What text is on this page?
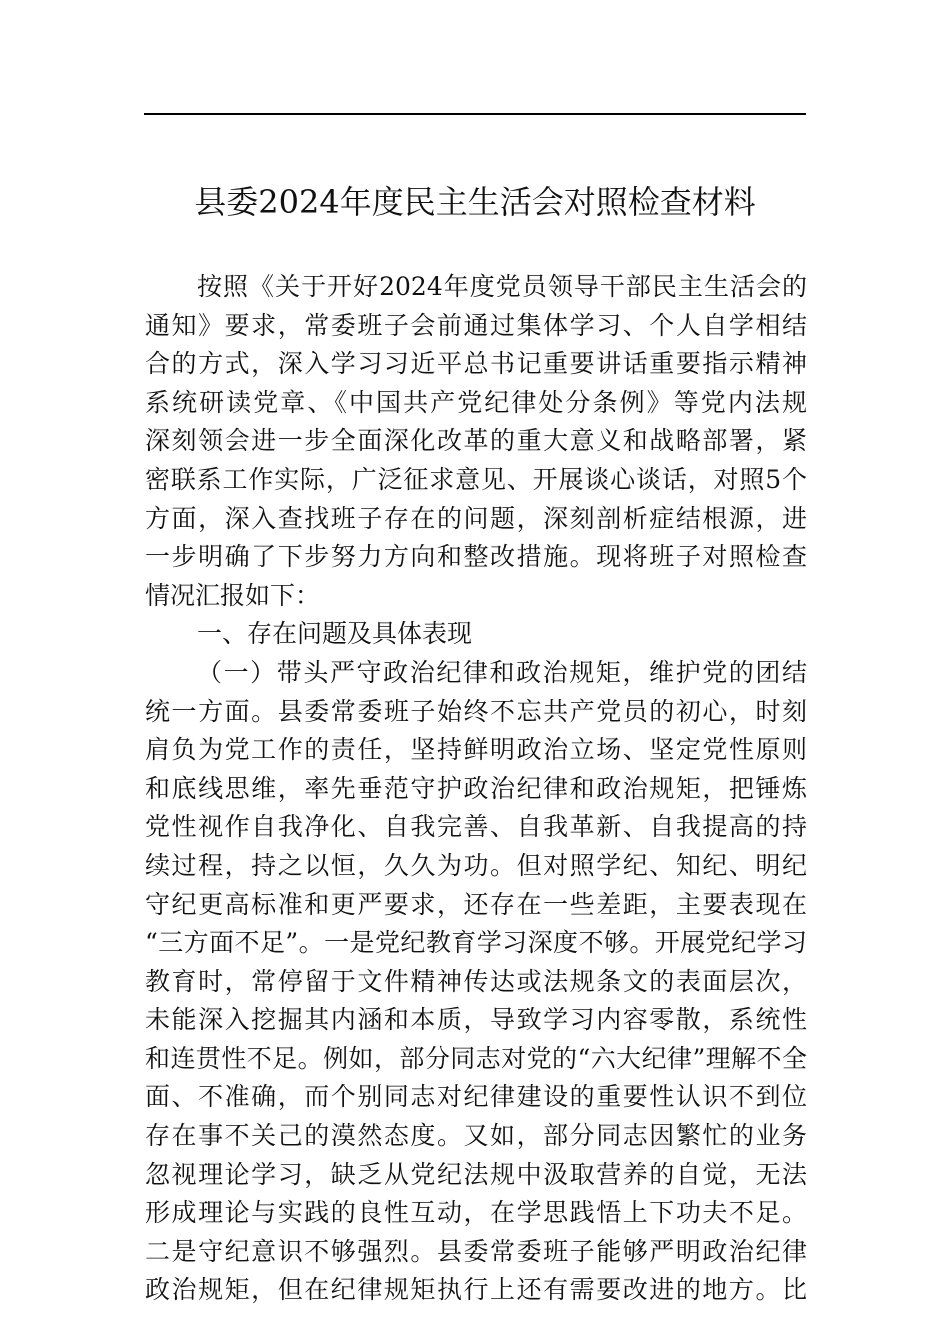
县委2024年度民主生活会对照检查材料
按照《关于开好2024年度党员领导干部民主生活会的
通知》要求，常委班子会前通过集体学习、个人自学相结
合的方式，深入学习习近平总书记重要讲话重要指示精神
系统研读党章、《中国共产党纪律处分条例》等党内法规
深刻领会进一步全面深化改革的重大意义和战略部署，紧
密联系工作实际，广泛征求意见、开展谈心谈话，对照5个
方面，深入查找班子存在的问题，深刻剖析症结根源，进
一步明确了下步努力方向和整改措施。现将班子对照检查
情况汇报如下：
一、存在问题及具体表现
（一）带头严守政治纪律和政治规矩，维护党的团结
统一方面。县委常委班子始终不忘共产党员的初心，时刻
肩负为党工作的责任，坚持鲜明政治立场、坚定党性原则
和底线思维，率先垂范守护政治纪律和政治规矩，把锤炼
党性视作自我净化、自我完善、自我革新、自我提高的持
续过程，持之以恒，久久为功。但对照学纪、知纪、明纪
守纪更高标准和更严要求，还存在一些差距，主要表现在
“三方面不足”。一是党纪教育学习深度不够。开展党纪学习
教育时，常停留于文件精神传达或法规条文的表面层次，
未能深入挖掘其内涵和本质，导致学习内容零散，系统性
和连贯性不足。例如，部分同志对党的“六大纪律”理解不全
面、不准确，而个别同志对纪律建设的重要性认识不到位
存在事不关己的漠然态度。又如，部分同志因繁忙的业务
忽视理论学习，缺乏从党纪法规中汲取营养的自觉，无法
形成理论与实践的良性互动，在学思践悟上下功夫不足。
二是守纪意识不够强烈。县委常委班子能够严明政治纪律
政治规矩，但在纪律规矩执行上还有需要改进的地方。比
